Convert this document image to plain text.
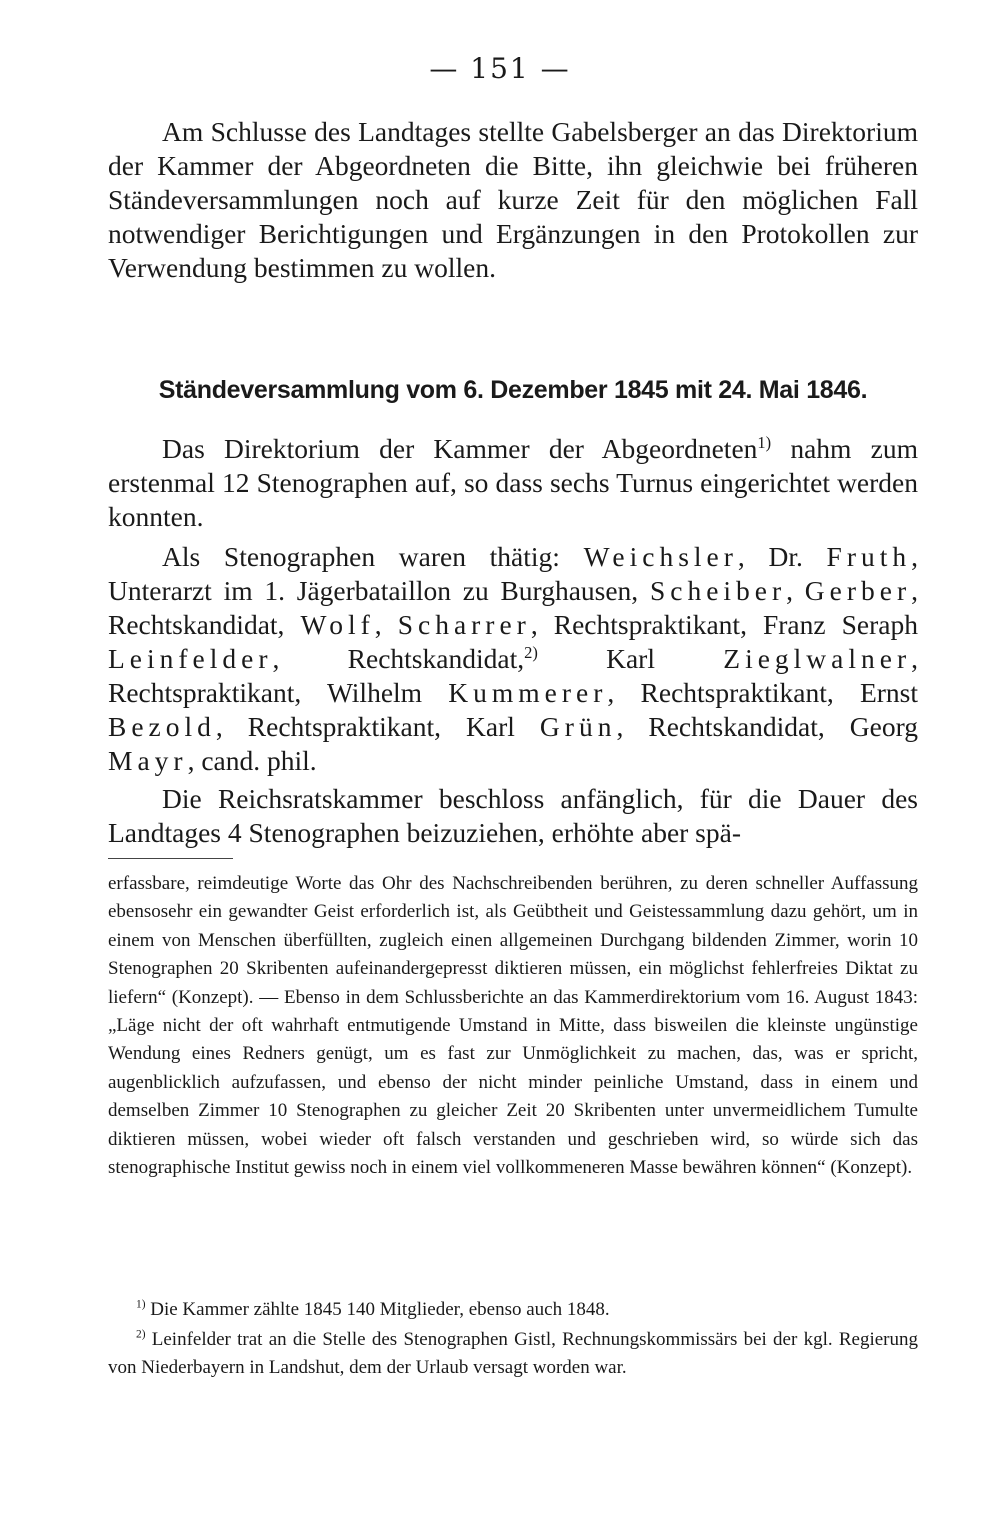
— 151 —

Am Schlusse des Landtages stellte Gabelsberger an das Direktorium der Kammer der Abgeordneten die Bitte, ihn gleichwie bei früheren Ständeversammlungen noch auf kurze Zeit für den möglichen Fall notwendiger Berichtigungen und Ergänzungen in den Protokollen zur Verwendung bestimmen zu wollen.

Ständeversammlung vom 6. Dezember 1845 mit 24. Mai 1846.

Das Direktorium der Kammer der Abgeordneten$^{1)}$ nahm zum erstenmal 12 Stenographen auf, so dass sechs Turnus eingerichtet werden konnten.

Als Stenographen waren thätig: Weichsler, Dr. Fruth, Unterarzt im 1. Jägerbataillon zu Burghausen, Scheiber, Gerber, Rechtskandidat, Wolf, Scharrer, Rechtspraktikant, Franz Seraph Leinfelder, Rechtskandidat,$^{2)}$ Karl Zieglwalner, Rechtspraktikant, Wilhelm Kummerer, Rechtspraktikant, Ernst Bezold, Rechtspraktikant, Karl Grün, Rechtskandidat, Georg Mayr, cand. phil.

Die Reichsratskammer beschloss anfänglich, für die Dauer des Landtages 4 Stenographen beizuziehen, erhöhte aber spä-

erfassbare, reimdeutige Worte das Ohr des Nachschreibenden berühren, zu deren schneller Auffassung ebensosehr ein gewandter Geist erforderlich ist, als Geübtheit und Geistessammlung dazu gehört, um in einem von Menschen überfüllten, zugleich einen allgemeinen Durchgang bildenden Zimmer, worin 10 Stenographen 20 Skribenten aufeinandergepresst diktieren müssen, ein möglichst fehlerfreies Diktat zu liefern“ (Konzept). — Ebenso in dem Schlussberichte an das Kammerdirektorium vom 16. August 1843: „Läge nicht der oft wahrhaft entmutigende Umstand in Mitte, dass bisweilen die kleinste ungünstige Wendung eines Redners genügt, um es fast zur Unmöglichkeit zu machen, das, was er spricht, augenblicklich aufzufassen, und ebenso der nicht minder peinliche Umstand, dass in einem und demselben Zimmer 10 Stenographen zu gleicher Zeit 20 Skribenten unter unvermeidlichem Tumulte diktieren müssen, wobei wieder oft falsch verstanden und geschrieben wird, so würde sich das stenographische Institut gewiss noch in einem viel vollkommeneren Masse bewähren können“ (Konzept).

$^{1)}$ Die Kammer zählte 1845 140 Mitglieder, ebenso auch 1848.

$^{2)}$ Leinfelder trat an die Stelle des Stenographen Gistl, Rechnungskommissärs bei der kgl. Regierung von Niederbayern in Landshut, dem der Urlaub versagt worden war.
